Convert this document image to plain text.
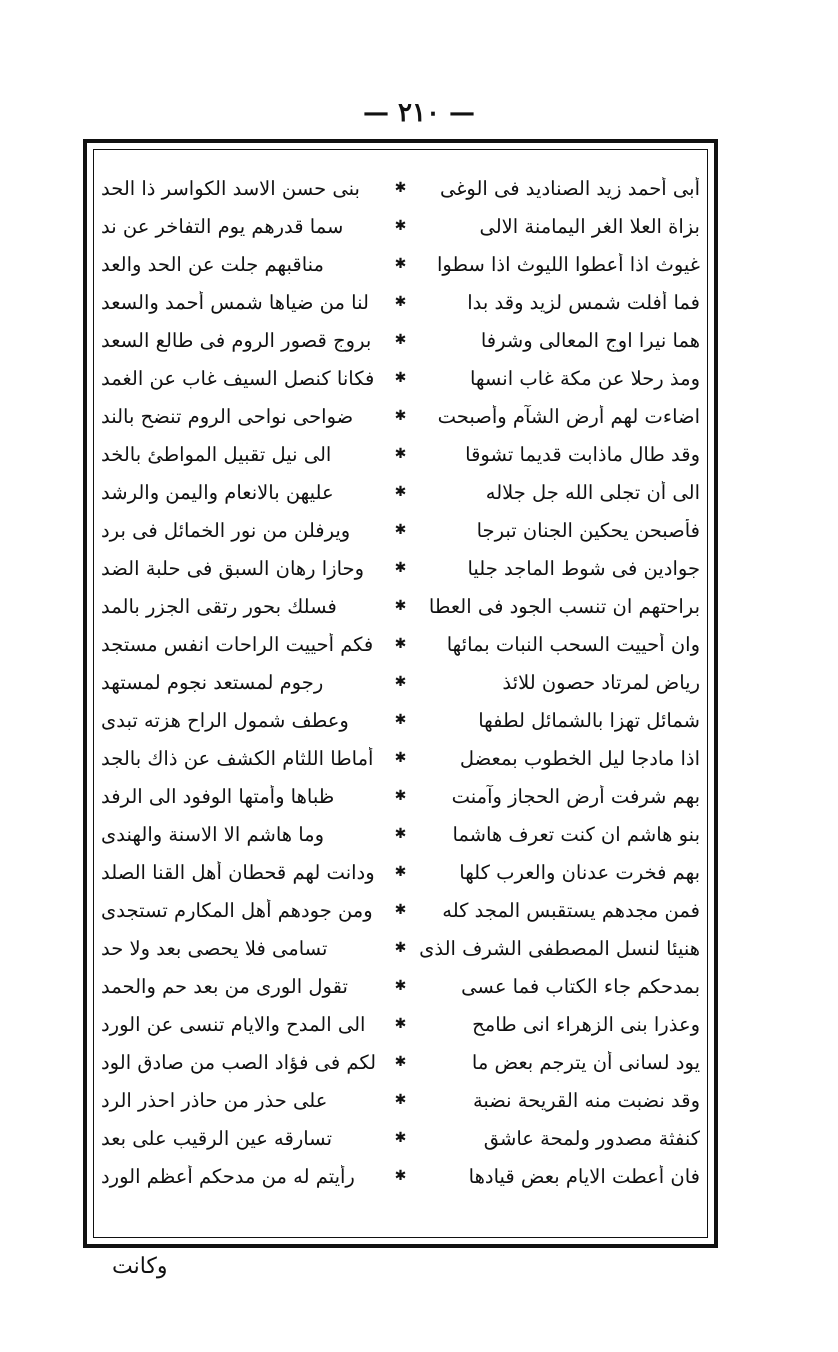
— ٢١٠ —
أبى أحمد زيد الصناديد فى الوغى
✱
بنى حسن الاسد الكواسر ذا الحد
بزاة العلا الغر اليمامنة الالى
✱
سما قدرهم يوم التفاخر عن ند
غيوث اذا أعطوا الليوث اذا سطوا
✱
مناقبهم جلت عن الحد والعد
فما أفلت شمس لزيد وقد بدا
✱
لنا من ضياها شمس أحمد والسعد
هما نيرا اوج المعالى وشرفا
✱
بروج قصور الروم فى طالع السعد
ومذ رحلا عن مكة غاب انسها
✱
فكانا كنصل السيف غاب عن الغمد
اضاءت لهم أرض الشآم وأصبحت
✱
ضواحى نواحى الروم تنضح بالند
وقد طال ماذابت قديما تشوقا
✱
الى نيل تقبيل المواطئ بالخد
الى أن تجلى الله جل جلاله
✱
عليهن بالانعام واليمن والرشد
فأصبحن يحكين الجنان تبرجا
✱
ويرفلن من نور الخمائل فى برد
جوادين فى شوط الماجد جليا
✱
وحازا رهان السبق فى حلبة الضد
براحتهم ان تنسب الجود فى العطا
✱
فسلك بحور رتقى الجزر بالمد
وان أحييت السحب النبات بمائها
✱
فكم أحييت الراحات انفس مستجد
رياض لمرتاد حصون للائذ
✱
رجوم لمستعد نجوم لمستهد
شمائل تهزا بالشمائل لطفها
✱
وعطف شمول الراح هزته تبدى
اذا مادجا ليل الخطوب بمعضل
✱
أماطا اللثام الكشف عن ذاك بالجد
بهم شرفت أرض الحجاز وآمنت
✱
ظباها وأمتها الوفود الى الرفد
بنو هاشم ان كنت تعرف هاشما
✱
وما هاشم الا الاسنة والهندى
بهم فخرت عدنان والعرب كلها
✱
ودانت لهم قحطان أهل القنا الصلد
فمن مجدهم يستقبس المجد كله
✱
ومن جودهم أهل المكارم تستجدى
هنيئا لنسل المصطفى الشرف الذى
✱
تسامى فلا يحصى بعد ولا حد
بمدحكم جاء الكتاب فما عسى
✱
تقول الورى من بعد حم والحمد
وعذرا بنى الزهراء انى طامح
✱
الى المدح والايام تنسى عن الورد
يود لسانى أن يترجم بعض ما
✱
لكم فى فؤاد الصب من صادق الود
وقد نضبت منه القريحة نضبة
✱
على حذر من حاذر احذر الرد
كنفثة مصدور ولمحة عاشق
✱
تسارقه عين الرقيب على بعد
فان أعطت الايام بعض قيادها
✱
رأيتم له من مدحكم أعظم الورد
وكانت
